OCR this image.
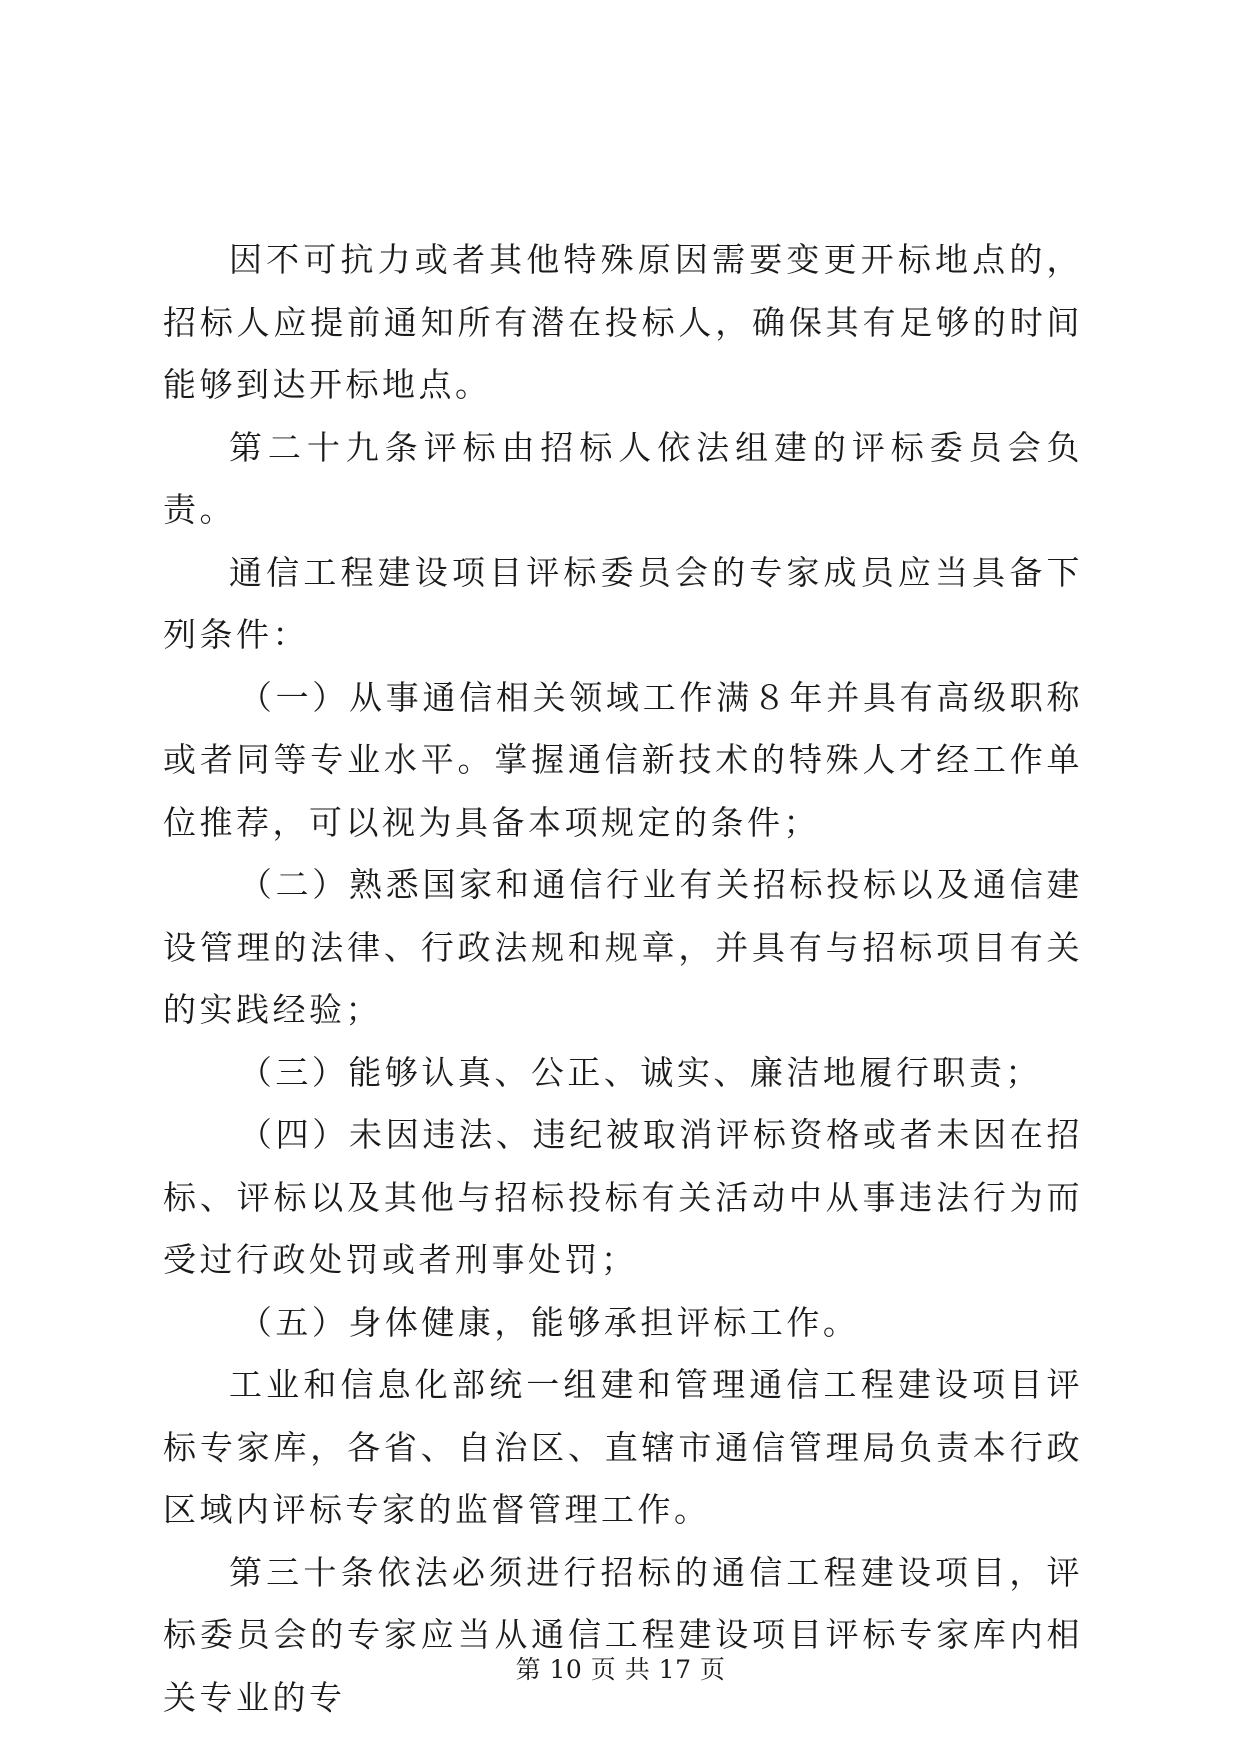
因不可抗力或者其他特殊原因需要变更开标地点的，招标人应提前通知所有潜在投标人，确保其有足够的时间能够到达开标地点。

第二十九条评标由招标人依法组建的评标委员会负责。

通信工程建设项目评标委员会的专家成员应当具备下列条件：

（一）从事通信相关领域工作满８年并具有高级职称或者同等专业水平。掌握通信新技术的特殊人才经工作单位推荐，可以视为具备本项规定的条件；

（二）熟悉国家和通信行业有关招标投标以及通信建设管理的法律、行政法规和规章，并具有与招标项目有关的实践经验；

（三）能够认真、公正、诚实、廉洁地履行职责；

（四）未因违法、违纪被取消评标资格或者未因在招标、评标以及其他与招标投标有关活动中从事违法行为而受过行政处罚或者刑事处罚；

（五）身体健康，能够承担评标工作。

工业和信息化部统一组建和管理通信工程建设项目评标专家库，各省、自治区、直辖市通信管理局负责本行政区域内评标专家的监督管理工作。

第三十条依法必须进行招标的通信工程建设项目，评标委员会的专家应当从通信工程建设项目评标专家库内相关专业的专

第 10 页 共 17 页
